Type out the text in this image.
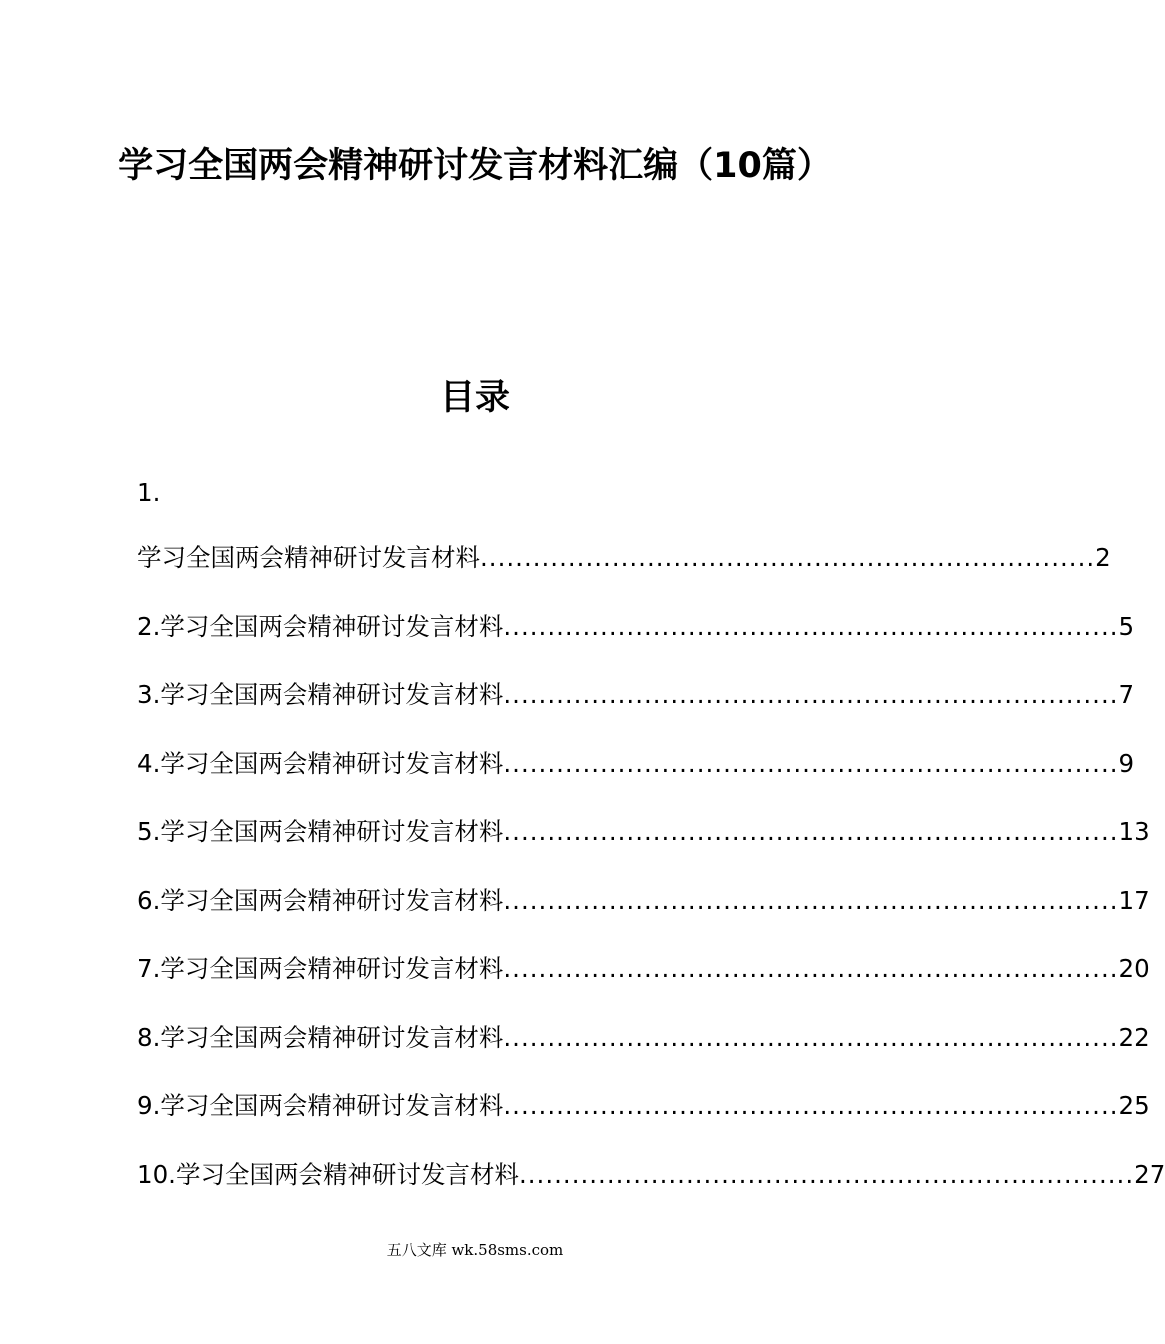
学习全国两会精神研讨发言材料汇编（10篇）
目录
1.
学习全国两会精神研讨发言材料 ...................................................................... 2
2.学习全国两会精神研讨发言材料 ...................................................................... 5
3.学习全国两会精神研讨发言材料 ...................................................................... 7
4.学习全国两会精神研讨发言材料 ...................................................................... 9
5.学习全国两会精神研讨发言材料 ...................................................................... 13
6.学习全国两会精神研讨发言材料 ...................................................................... 17
7.学习全国两会精神研讨发言材料 ...................................................................... 20
8.学习全国两会精神研讨发言材料 ...................................................................... 22
9.学习全国两会精神研讨发言材料 ...................................................................... 25
10.学习全国两会精神研讨发言材料 ...................................................................... 27
五八文库 wk.58sms.com
